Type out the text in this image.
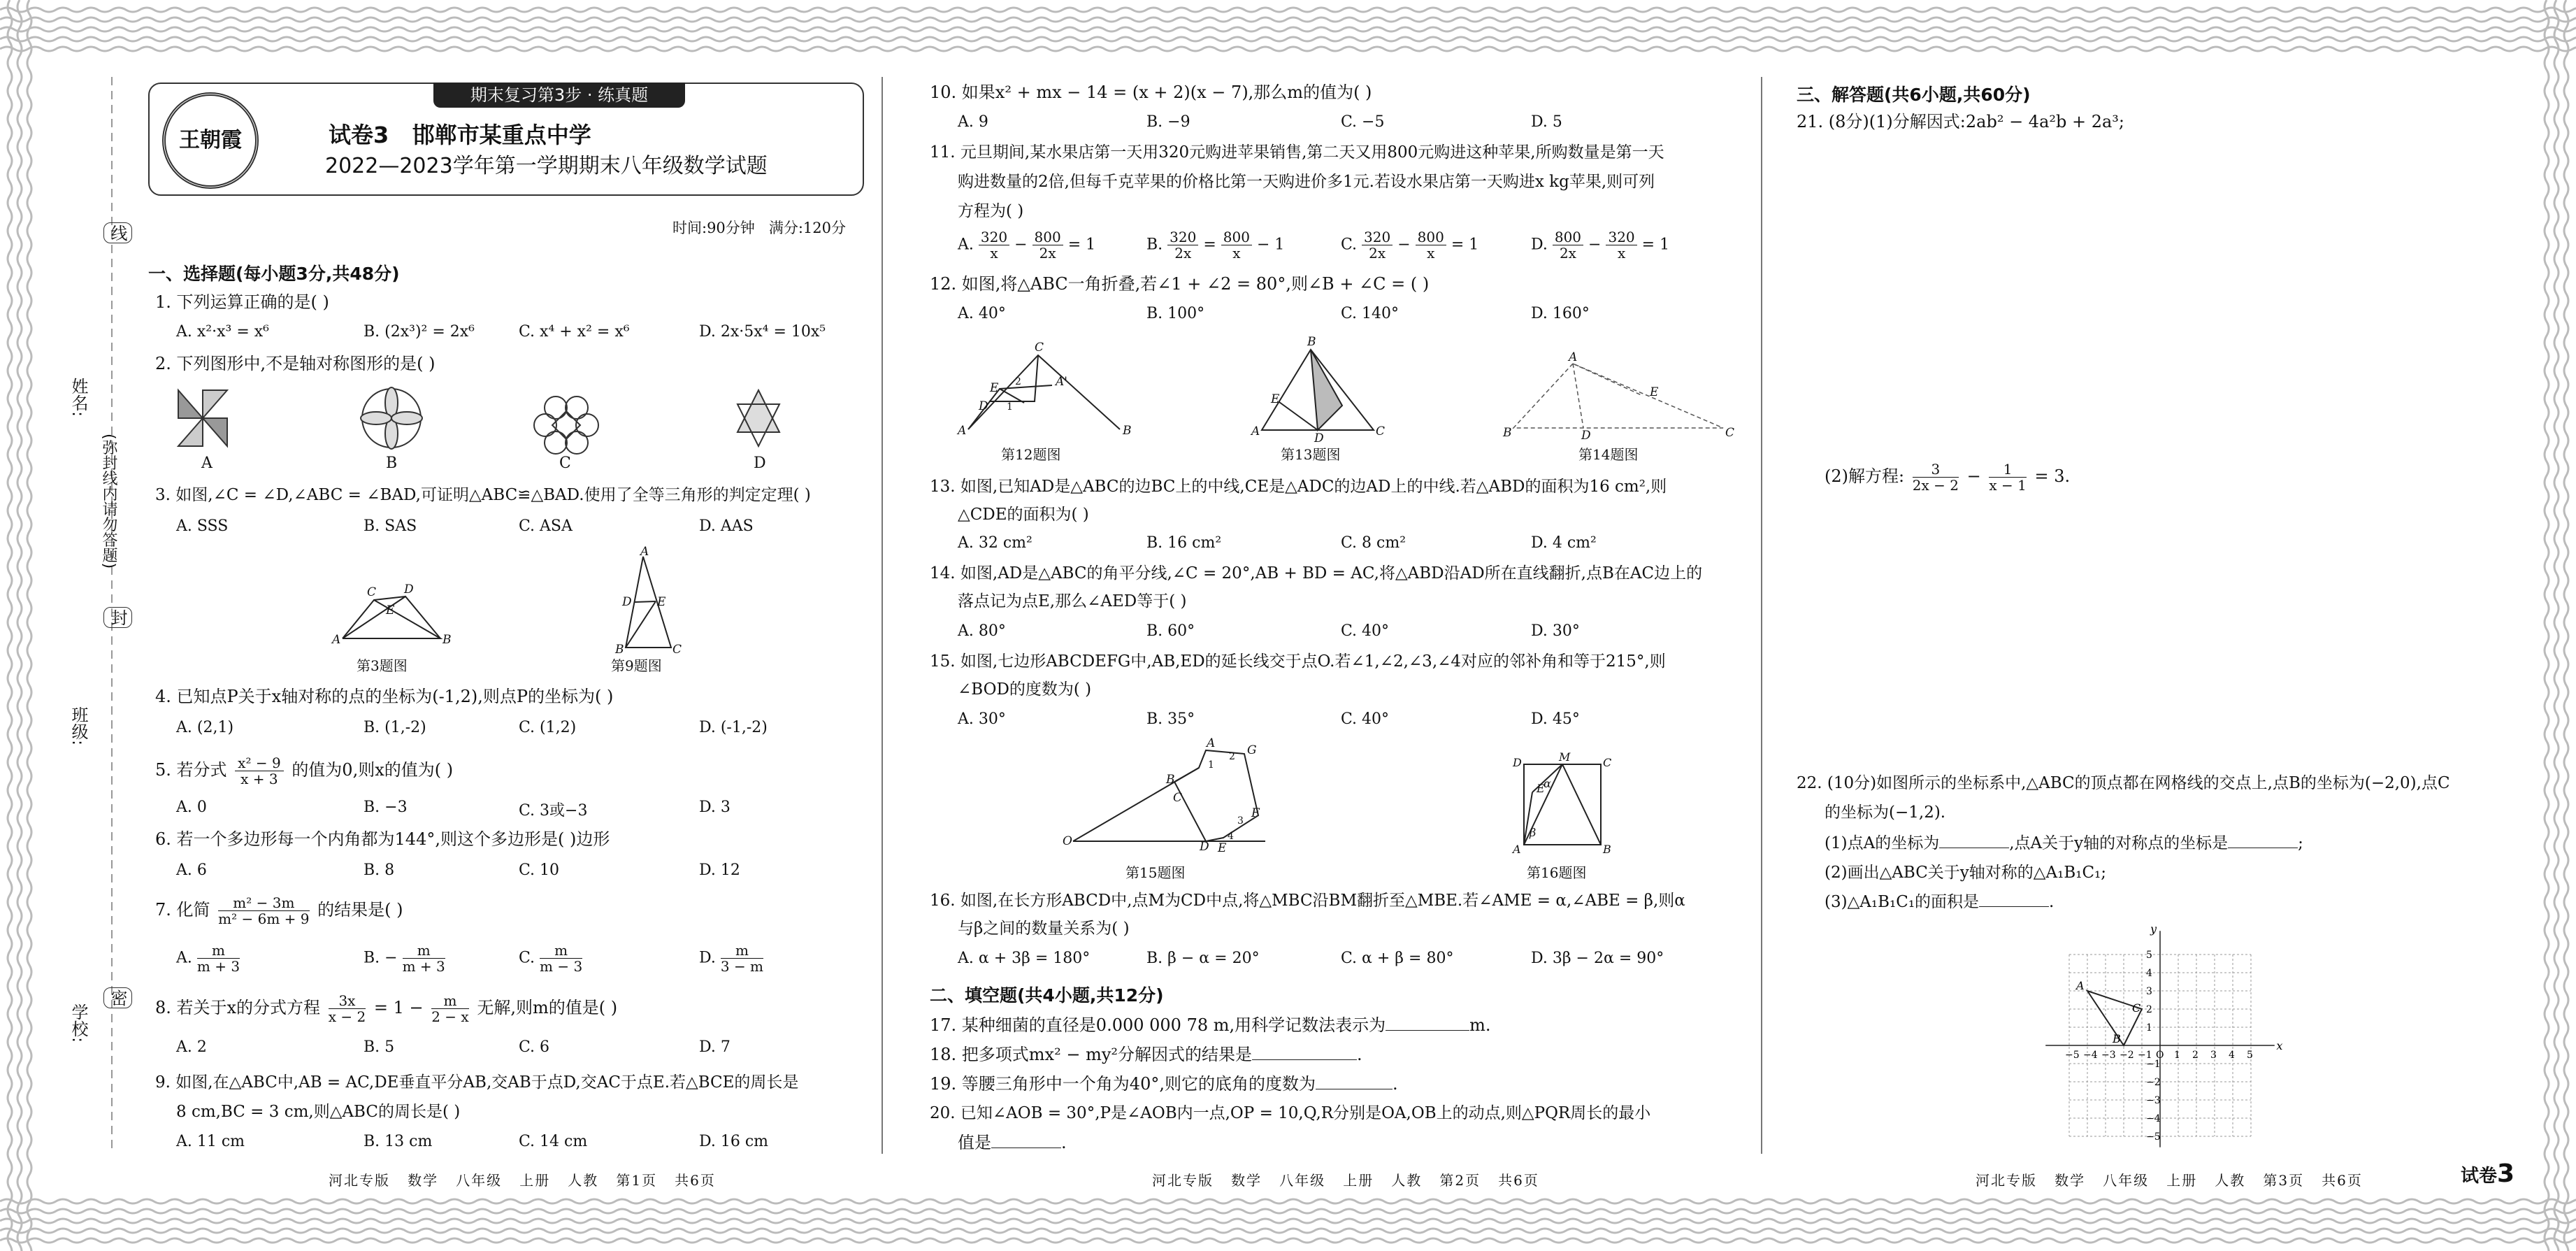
姓名:
(弥封线内请勿答题)
班级:
学校:
线
封
密
期末复习第3步 · 练真题
王朝霞	试卷3   邯郸市某重点中学
2022—2023学年第一学期期末八年级数学试题
时间:90分钟   满分:120分
一、选择题(每小题3分,共48分)
1. 下列运算正确的是( )
A. x²·x³ = x⁶	B. (2x³)² = 2x⁶	C. x⁴ + x² = x⁶	D. 2x·5x⁴ = 10x⁵
2. 下列图形中,不是轴对称图形的是( )
A	B	C	D
3. 如图,∠C = ∠D,∠ABC = ∠BAD,可证明△ABC≌△BAD.使用了全等三角形的判定定理( )
A. SSS	B. SAS	C. ASA	D. AAS
A	B
C D
E
第3题图
A
B	C
D E
第9题图
4. 已知点P关于x轴对称的点的坐标为(-1,2),则点P的坐标为( )
A. (2,1)	B. (1,-2)	C. (1,2)	D. (-1,-2)
5. 若分式 $\frac{\text{x² − 9}}{x + 3}$ 的值为0,则x的值为( )
A. 0	B. −3	C. 3或−3	D. 3
6. 若一个多边形每一个内角都为144°,则这个多边形是( )边形
A. 6	B. 8	C. 10	D. 12
7. 化简 $\frac{\text{m² − 3m}}{\text{m² − 6m + 9}}$ 的结果是( )
A. $\frac{m}{m + 3}$	B. − $\frac{m}{m + 3}$	C. $\frac{m}{m - 3}$	D. $\frac{m}{3 - m}$
8. 若关于x的分式方程 $\frac{3x}{x - 2} = 1 - \frac{m}{2 - x}$ 无解,则m的值是( )
A. 2	B. 5	C. 6	D. 7
9. 如图,在△ABC中,AB = AC,DE垂直平分AB,交AB于点D,交AC于点E.若△BCE的周长是
8 cm,BC = 3 cm,则△ABC的周长是( )
A. 11 cm	B. 13 cm	C. 14 cm	D. 16 cm
河北专版   数学   八年级   上册   人教   第1页   共6页
10. 如果x² + mx − 14 = (x + 2)(x − 7),那么m的值为( )
A. 9	B. −9	C. −5	D. 5
11. 元旦期间,某水果店第一天用320元购进苹果销售,第二天又用800元购进这种苹果,所购数量是第一天
购进数量的2倍,但每千克苹果的价格比第一天购进价多1元.若设水果店第一天购进x kg苹果,则可列
方程为( )
A. $\frac{320}{x} - \frac{800}{2x} = 1$	B. $\frac{320}{2x} = \frac{800}{x} - 1$	C. $\frac{320}{2x} - \frac{800}{x} = 1$	D. $\frac{800}{2x} - \frac{320}{x} = 1$
12. 如图,将△ABC一角折叠,若∠1 + ∠2 = 80°,则∠B + ∠C = ( )
A. 40°	B. 100°	C. 140°	D. 160°
A	B
C
E	A'
D 1
2
第12题图
B
A	C
D
E
第13题图
A
B	C
D
E
第14题图
13. 如图,已知AD是△ABC的边BC上的中线,CE是△ADC的边AD上的中线.若△ABD的面积为16 cm²,则
△CDE的面积为( )
A. 32 cm²	B. 16 cm²	C. 8 cm²	D. 4 cm²
14. 如图,AD是△ABC的角平分线,∠C = 20°,AB + BD = AC,将△ABD沿AD所在直线翻折,点B在AC边上的
落点记为点E,那么∠AED等于( )
A. 80°	B. 60°	C. 40°	D. 30°
15. 如图,七边形ABCDEFG中,AB,ED的延长线交于点O.若∠1,∠2,∠3,∠4对应的邻补角和等于215°,则
∠BOD的度数为( )
A. 30°	B. 35°	C. 40°	D. 45°
O
A
B
C
D E
F
G
1
2
3
4
第15题图
D	M	C
A	B
E
α
β
第16题图
16. 如图,在长方形ABCD中,点M为CD中点,将△MBC沿BM翻折至△MBE.若∠AME = α,∠ABE = β,则α
与β之间的数量关系为( )
A. α + 3β = 180°	B. β − α = 20°	C. α + β = 80°	D. 3β − 2α = 90°
二、填空题(共4小题,共12分)
17. 某种细菌的直径是0.000 000 78 m,用科学记数法表示为	m.
18. 把多项式mx² − my²分解因式的结果是	.
19. 等腰三角形中一个角为40°,则它的底角的度数为	.
20. 已知∠AOB = 30°,P是∠AOB内一点,OP = 10,Q,R分别是OA,OB上的动点,则△PQR周长的最小
值是	.
河北专版   数学   八年级   上册   人教   第2页   共6页
三、解答题(共6小题,共60分)
21. (8分)(1)分解因式:2ab² − 4a²b + 2a³;
(2)解方程: $\frac{3}{2x - 2} - \frac{1}{x - 1} = 3$.
22. (10分)如图所示的坐标系中,△ABC的顶点都在网格线的交点上,点B的坐标为(−2,0),点C
的坐标为(−1,2).
(1)点A的坐标为	,点A关于y轴的对称点的坐标是	;
(2)画出△ABC关于y轴对称的△A₁B₁C₁;
(3)△A₁B₁C₁的面积是	.
x
y
−5 −4 −3 −2 −1 O 1 2 3 4 5
5
4
3
2
1
−1
−2
−3
−4
−5
A
B
C
河北专版   数学   八年级   上册   人教   第3页   共6页	试卷3
